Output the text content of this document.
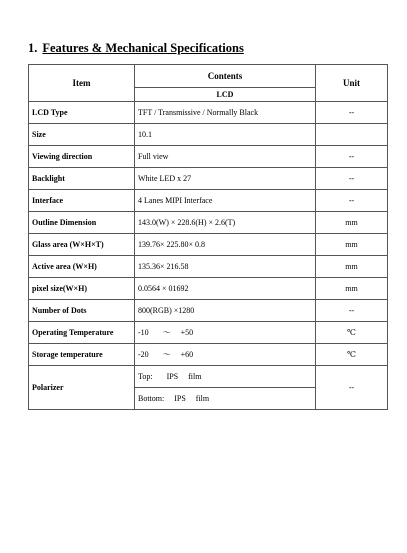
1. Features & Mechanical Specifications
Item	Contents	Unit
	LCD	
LCD Type	TFT / Transmissive / Normally Black	--
Size	10.1	
Viewing direction	Full view	--
Backlight	White LED x 27	--
Interface	4 Lanes MIPI Interface	--
Outline Dimension	143.0(W) × 228.6(H) × 2.6(T)	mm
Glass area (W×H×T)	139.76× 225.80× 0.8	mm
Active area (W×H)	135.36× 216.58	mm
pixel size(W×H)	0.0564 × 01692	mm
Number of Dots	800(RGB) ×1280	--
Operating Temperature	-10 ～ +50	℃
Storage temperature	-20 ～ +60	℃
Polarizer	Top: IPS film	--
	Bottom: IPS film	
